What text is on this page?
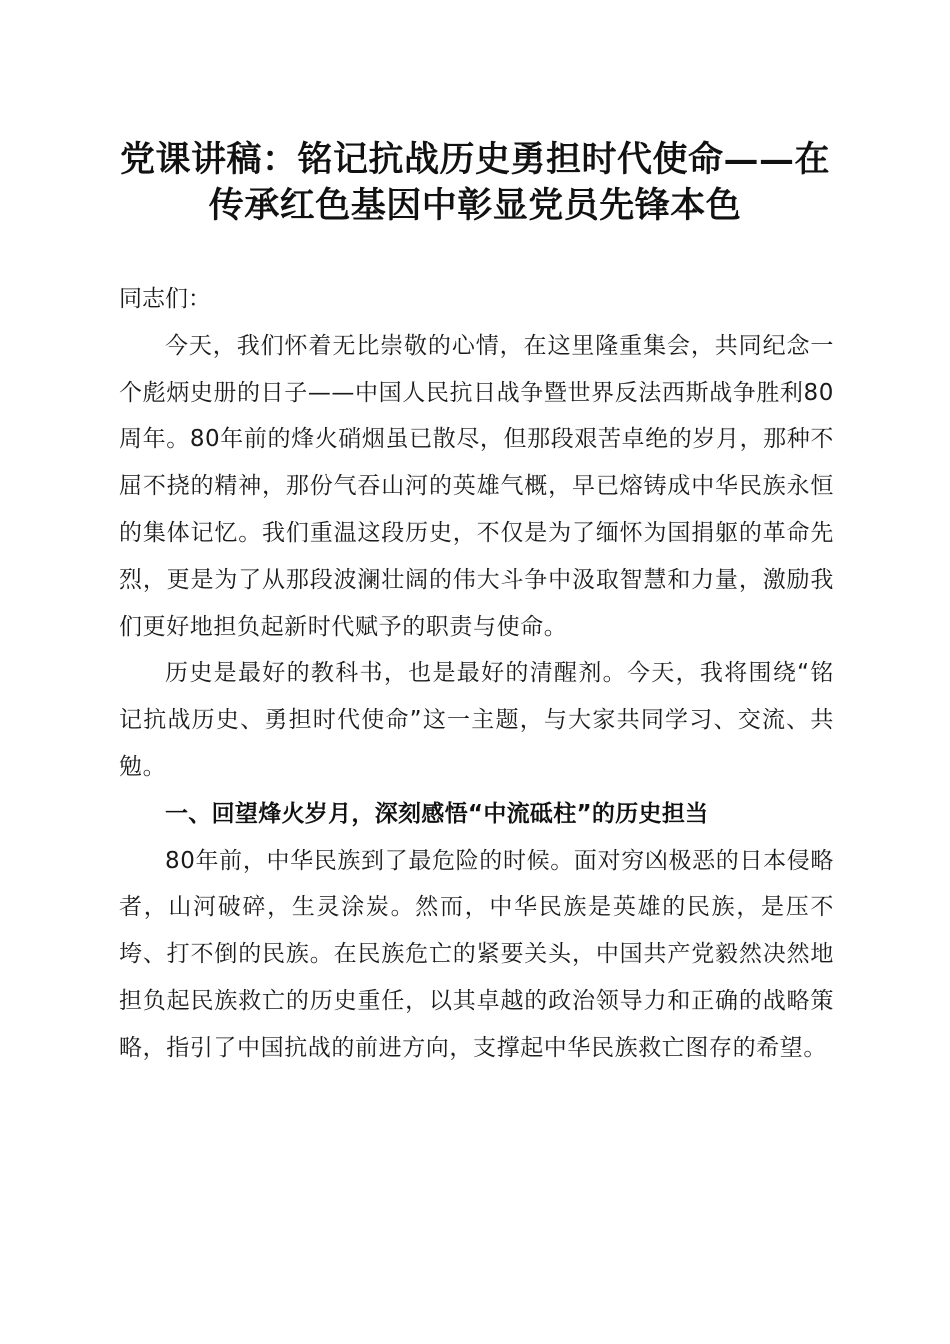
党课讲稿：铭记抗战历史勇担时代使命——在
传承红色基因中彰显党员先锋本色

同志们：

今天，我们怀着无比崇敬的心情，在这里隆重集会，共同纪念一个彪炳史册的日子——中国人民抗日战争暨世界反法西斯战争胜利80周年。80年前的烽火硝烟虽已散尽，但那段艰苦卓绝的岁月，那种不屈不挠的精神，那份气吞山河的英雄气概，早已熔铸成中华民族永恒的集体记忆。我们重温这段历史，不仅是为了缅怀为国捐躯的革命先烈，更是为了从那段波澜壮阔的伟大斗争中汲取智慧和力量，激励我们更好地担负起新时代赋予的职责与使命。

历史是最好的教科书，也是最好的清醒剂。今天，我将围绕“铭记抗战历史、勇担时代使命”这一主题，与大家共同学习、交流、共勉。

一、回望烽火岁月，深刻感悟“中流砥柱”的历史担当

80年前，中华民族到了最危险的时候。面对穷凶极恶的日本侵略者，山河破碎，生灵涂炭。然而，中华民族是英雄的民族，是压不垮、打不倒的民族。在民族危亡的紧要关头，中国共产党毅然决然地担负起民族救亡的历史重任，以其卓越的政治领导力和正确的战略策略，指引了中国抗战的前进方向，支撑起中华民族救亡图存的希望。
